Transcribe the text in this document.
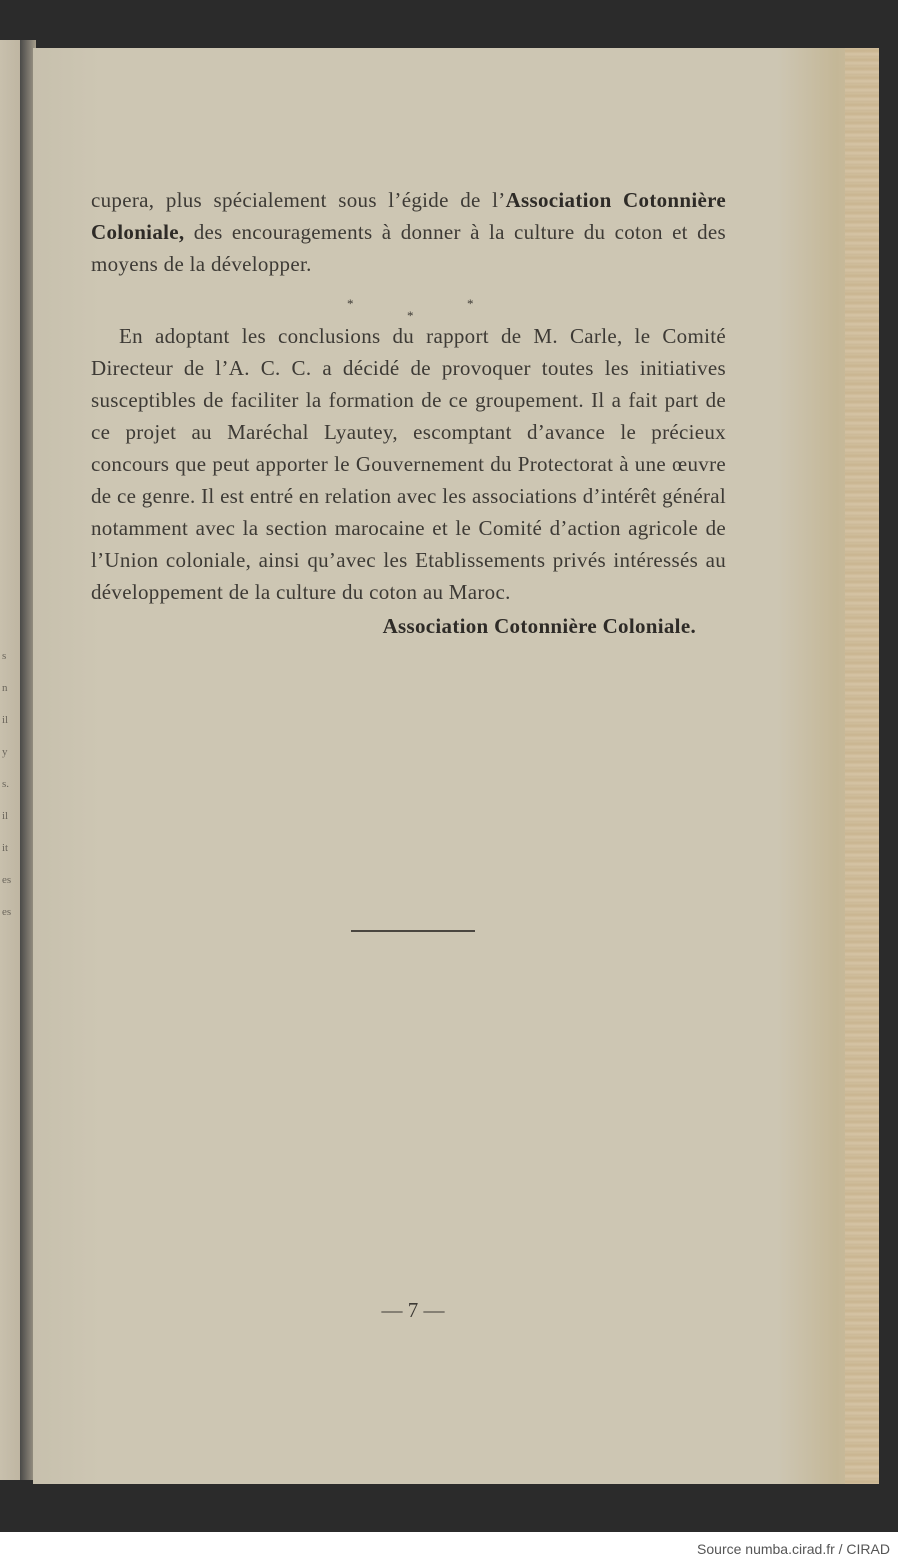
s
n
il
y
s.
il
it
es
es

cupera, plus spécialement sous l’égide de l’Association Cotonnière Coloniale, des encouragements à donner à la culture du coton et des moyens de la développer.

*
*
*

En adoptant les conclusions du rapport de M. Carle, le Comité Directeur de l’A. C. C. a décidé de provoquer toutes les initiatives susceptibles de faciliter la formation de ce groupement. Il a fait part de ce projet au Maréchal Lyautey, escomptant d’avance le précieux concours que peut apporter le Gouvernement du Protectorat à une œuvre de ce genre. Il est entré en relation avec les associations d’intérêt général notamment avec la section marocaine et le Comité d’action agricole de l’Union coloniale, ainsi qu’avec les Etablissements privés intéressés au développement de la culture du coton au Maroc.

Association Cotonnière Coloniale.
— 7 —
Source numba.cirad.fr / CIRAD
